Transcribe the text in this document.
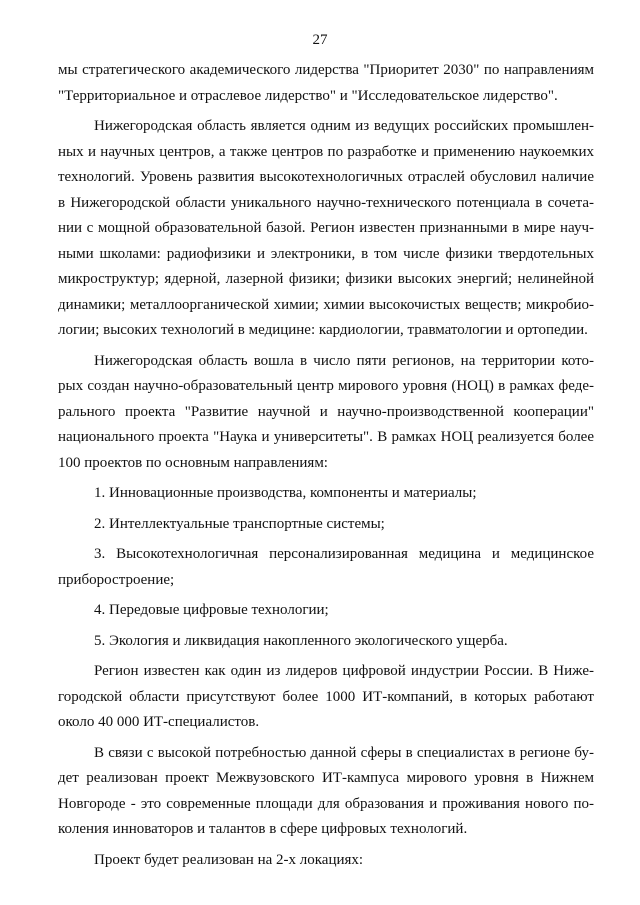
27
мы стратегического академического лидерства "Приоритет 2030" по направлениям
"Территориальное и отраслевое лидерство" и "Исследовательское лидерство".
Нижегородская область является одним из ведущих российских промышлен-
ных и научных центров, а также центров по разработке и применению наукоемких
технологий. Уровень развития высокотехнологичных отраслей обусловил наличие
в Нижегородской области уникального научно-технического потенциала в сочета-
нии с мощной образовательной базой. Регион известен признанными в мире науч-
ными школами: радиофизики и электроники, в том числе физики твердотельных
микроструктур; ядерной, лазерной физики; физики высоких энергий; нелинейной
динамики; металлоорганической химии; химии высокочистых веществ; микробио-
логии; высоких технологий в медицине: кардиологии, травматологии и ортопедии.
Нижегородская область вошла в число пяти регионов, на территории кото-
рых создан научно-образовательный центр мирового уровня (НОЦ) в рамках феде-
рального проекта "Развитие научной и научно-производственной кооперации"
национального проекта "Наука и университеты". В рамках НОЦ реализуется более
100 проектов по основным направлениям:
1. Инновационные производства, компоненты и материалы;
2. Интеллектуальные транспортные системы;
3. Высокотехнологичная персонализированная медицина и медицинское
приборостроение;
4. Передовые цифровые технологии;
5. Экология и ликвидация накопленного экологического ущерба.
Регион известен как один из лидеров цифровой индустрии России. В Ниже-
городской области присутствуют более 1000 ИТ-компаний, в которых работают
около 40 000 ИТ-специалистов.
В связи с высокой потребностью данной сферы в специалистах в регионе бу-
дет реализован проект Межвузовского ИТ-кампуса мирового уровня в Нижнем
Новгороде - это современные площади для образования и проживания нового по-
коления инноваторов и талантов в сфере цифровых технологий.
Проект будет реализован на 2-х локациях:
